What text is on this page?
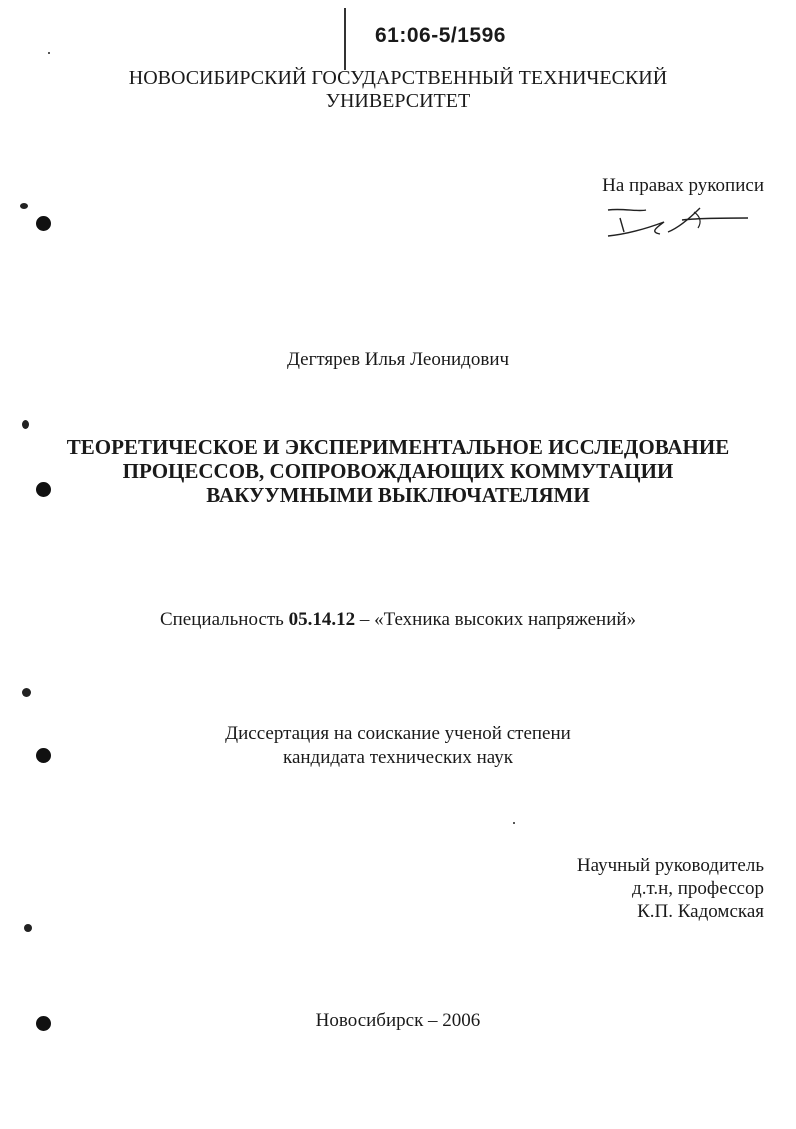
61:06-5/1596
НОВОСИБИРСКИЙ ГОСУДАРСТВЕННЫЙ ТЕХНИЧЕСКИЙ
УНИВЕРСИТЕТ
На правах рукописи
Дегтярев Илья Леонидович
ТЕОРЕТИЧЕСКОЕ И ЭКСПЕРИМЕНТАЛЬНОЕ ИССЛЕДОВАНИЕ
ПРОЦЕССОВ, СОПРОВОЖДАЮЩИХ КОММУТАЦИИ
ВАКУУМНЫМИ ВЫКЛЮЧАТЕЛЯМИ
Специальность 05.14.12 – «Техника высоких напряжений»
Диссертация на соискание ученой степени
кандидата технических наук
Научный руководитель
д.т.н, профессор
К.П. Кадомская
Новосибирск – 2006
